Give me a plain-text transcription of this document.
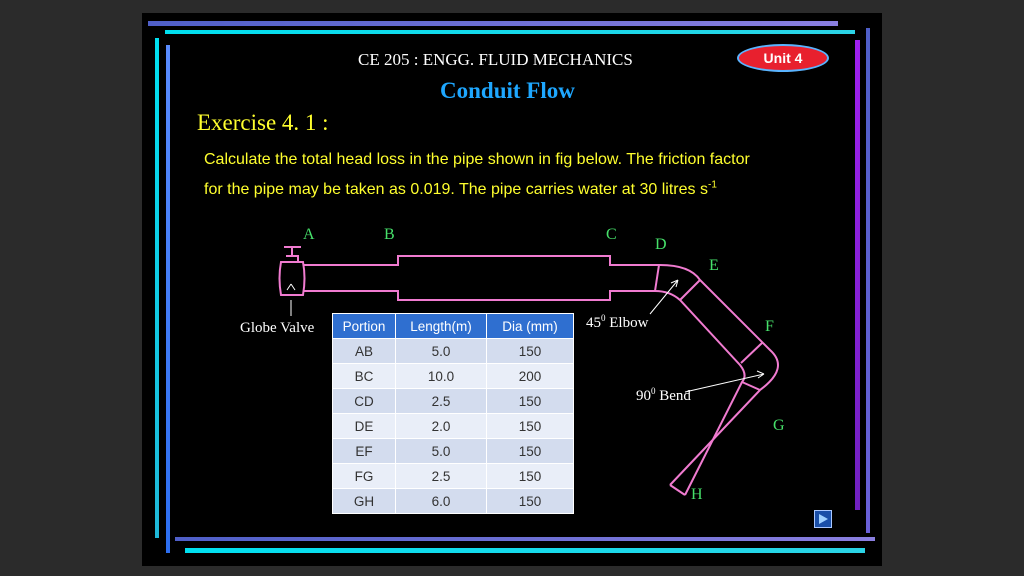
CE 205 : ENGG. FLUID MECHANICS	Unit 4
Conduit Flow
Exercise 4. 1 :
Calculate the total head loss in the pipe shown in fig below. The friction factor
for the pipe may be taken as 0.019. The pipe carries water at 30 litres $s^{-1}$
A	B	C
D
E
F
G
H
Globe Valve	$45^0$ Elbow
$90^0$ Bend
Portion	Length(m)	Dia (mm)
AB	5.0	150
BC	10.0	200
CD	2.5	150
DE	2.0	150
EF	5.0	150
FG	2.5	150
GH	6.0	150
